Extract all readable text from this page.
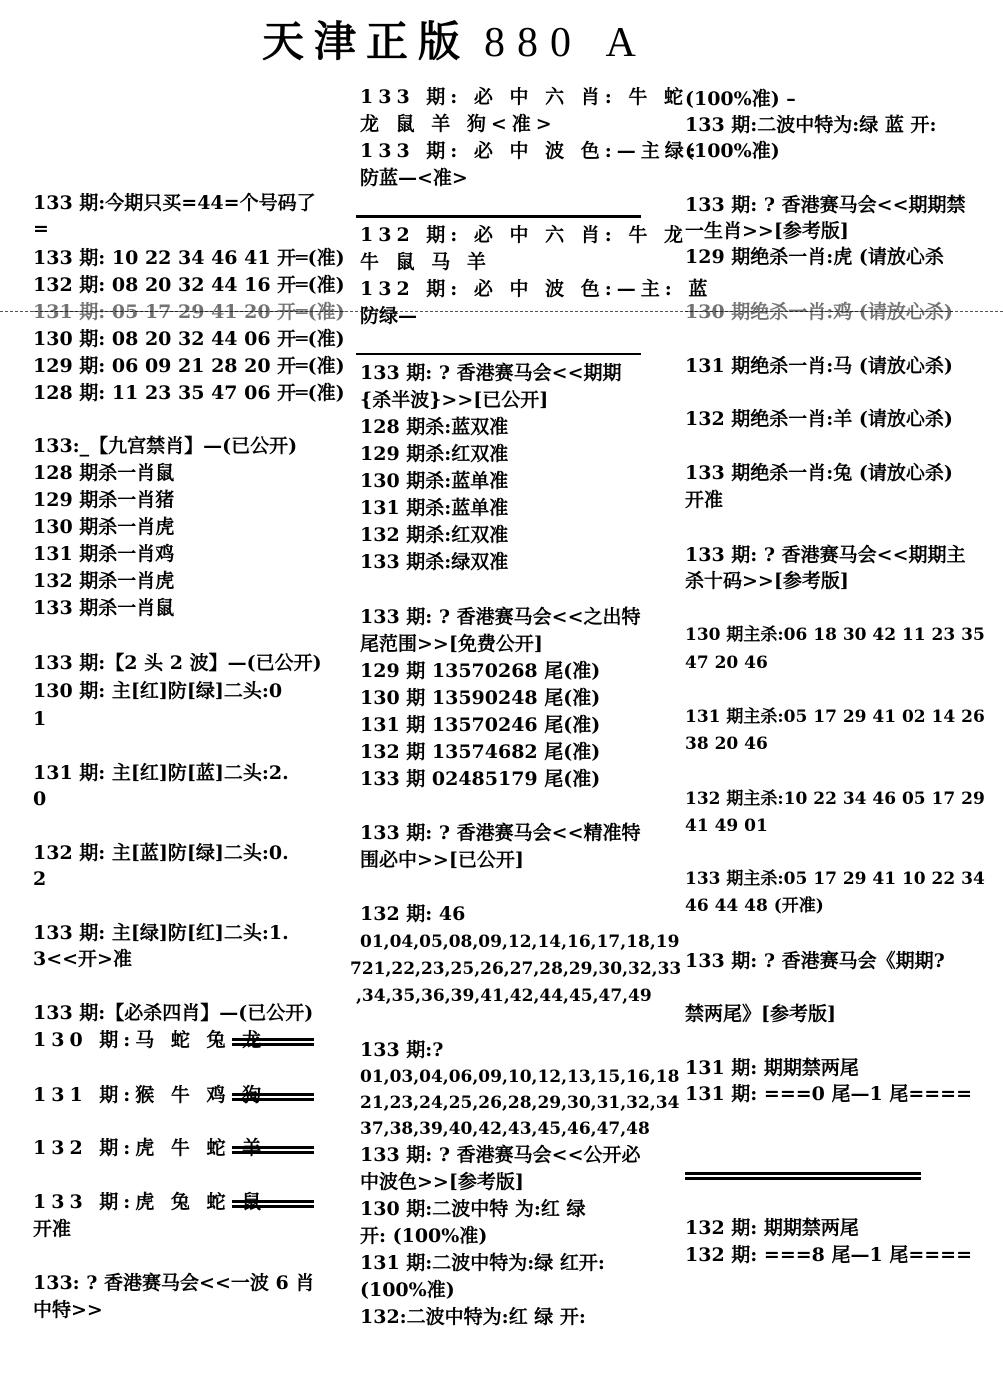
天津正版 880 A
133 期:今期只买=44=个号码了
=
133 期: 10 22 34 46 41 开═(准)
132 期: 08 20 32 44 16 开═(准)
131 期: 05 17 29 41 20 开═(准)
130 期: 08 20 32 44 06 开═(准)
129 期: 06 09 21 28 20 开═(准)
128 期: 11 23 35 47 06 开═(准)
133:_【九宫禁肖】—(已公开)
128 期杀一肖鼠
129 期杀一肖猪
130 期杀一肖虎
131 期杀一肖鸡
132 期杀一肖虎
133 期杀一肖鼠
133 期:【2 头 2 波】—(已公开)
130 期: 主[红]防[绿]二头:0
1
131 期: 主[红]防[蓝]二头:2.
0
132 期: 主[蓝]防[绿]二头:0.
2
133 期: 主[绿]防[红]二头:1.
3<<开>准
133 期:【必杀四肖】—(已公开)
130 期:马 蛇 兔 龙
131 期:猴 牛 鸡 狗
132 期:虎 牛 蛇 羊
133 期:虎 兔 蛇 鼠
开准
133: ? 香港赛马会<<一波 6 肖
中特>>
133 期: 必 中 六 肖: 牛 蛇
龙 鼠 羊 狗<准>
133 期: 必 中 波 色:—主绿:
防蓝—<准>
132 期: 必 中 六 肖: 牛 龙
牛 鼠 马 羊
132 期: 必 中 波 色:—主: 蓝
防绿—
133 期: ? 香港赛马会<<期期
{杀半波}>>[已公开]
128 期杀:蓝双准
129 期杀:红双准
130 期杀:蓝单准
131 期杀:蓝单准
132 期杀:红双准
133 期杀:绿双准
133 期: ? 香港赛马会<<之出特
尾范围>>[免费公开]
129 期 13570268 尾(准)
130 期 13590248 尾(准)
131 期 13570246 尾(准)
132 期 13574682 尾(准)
133 期 02485179 尾(准)
133 期: ? 香港赛马会<<精准特
围必中>>[已公开]
132 期: 46
01,04,05,08,09,12,14,16,17,18,19
721,22,23,25,26,27,28,29,30,32,33
,34,35,36,39,41,42,44,45,47,49
133 期:?
01,03,04,06,09,10,12,13,15,16,18
21,23,24,25,26,28,29,30,31,32,34
37,38,39,40,42,43,45,46,47,48
133 期: ? 香港赛马会<<公开必
中波色>>[参考版]
130 期:二波中特 为:红 绿
开: (100%准)
131 期:二波中特为:绿 红开:
(100%准)
132:二波中特为:红 绿 开:
(100%准) –
133 期:二波中特为:绿 蓝 开:
(100%准)
133 期: ? 香港赛马会<<期期禁
一生肖>>[参考版]
129 期绝杀一肖:虎 (请放心杀
130 期绝杀一肖:鸡 (请放心杀)
131 期绝杀一肖:马 (请放心杀)
132 期绝杀一肖:羊 (请放心杀)
133 期绝杀一肖:兔 (请放心杀)
开准
133 期: ? 香港赛马会<<期期主
杀十码>>[参考版]
130 期主杀:06 18 30 42 11 23 35
47 20 46
131 期主杀:05 17 29 41 02 14 26
38 20 46
132 期主杀:10 22 34 46 05 17 29
41 49 01
133 期主杀:05 17 29 41 10 22 34
46 44 48 (开准)
133 期: ? 香港赛马会《期期?
禁两尾》[参考版]
131 期: 期期禁两尾
131 期: ===0 尾—1 尾====
132 期: 期期禁两尾
132 期: ===8 尾—1 尾====
